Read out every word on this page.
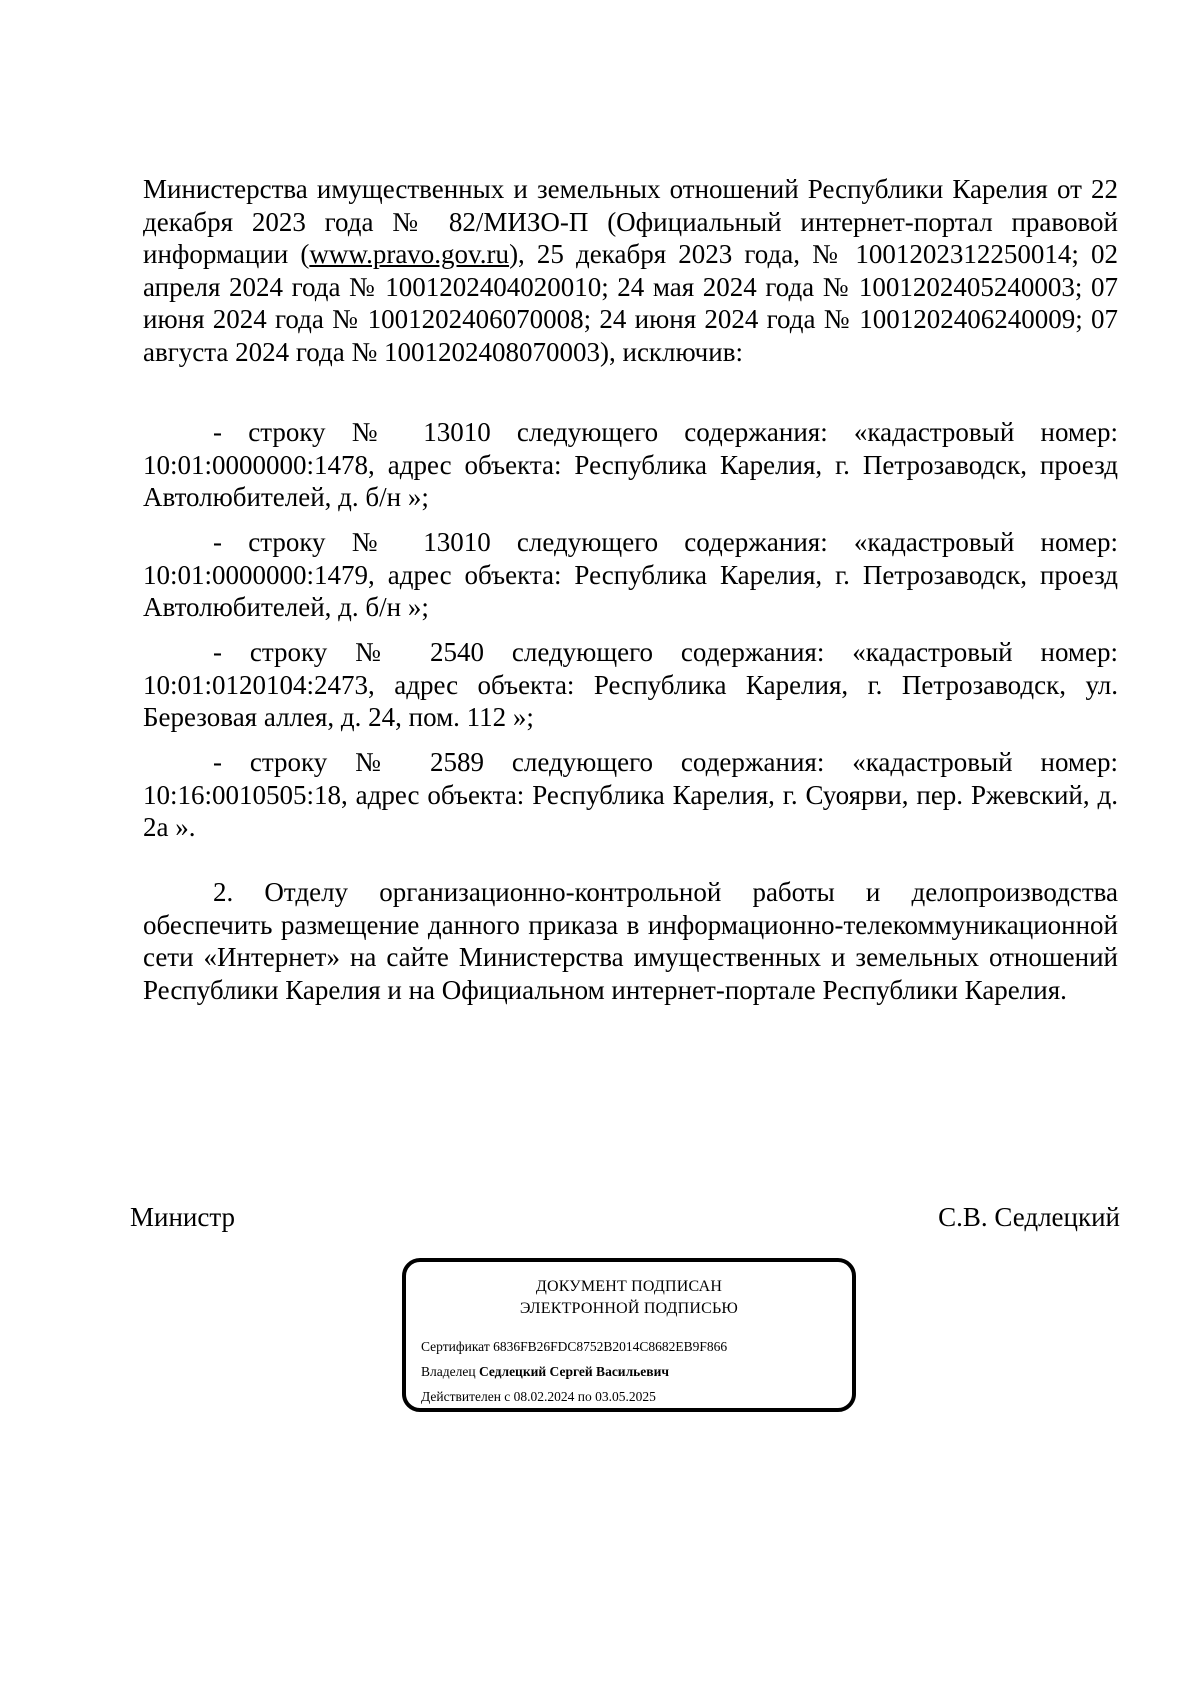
Министерства имущественных и земельных отношений Республики Карелия от 22 декабря 2023 года № 82/МИЗО-П (Официальный интернет-портал правовой информации (www.pravo.gov.ru), 25 декабря 2023 года, № 1001202312250014; 02 апреля 2024 года № 1001202404020010; 24 мая 2024 года № 1001202405240003; 07 июня 2024 года № 1001202406070008; 24 июня 2024 года № 1001202406240009; 07 августа 2024 года № 1001202408070003), исключив:
- строку № 13010 следующего содержания: «кадастровый номер: 10:01:0000000:1478, адрес объекта: Республика Карелия, г. Петрозаводск, проезд Автолюбителей, д. б/н »;
- строку № 13010 следующего содержания: «кадастровый номер: 10:01:0000000:1479, адрес объекта: Республика Карелия, г. Петрозаводск, проезд Автолюбителей, д. б/н »;
- строку № 2540 следующего содержания: «кадастровый номер: 10:01:0120104:2473, адрес объекта: Республика Карелия, г. Петрозаводск, ул. Березовая аллея, д. 24, пом. 112 »;
- строку № 2589 следующего содержания: «кадастровый номер: 10:16:0010505:18, адрес объекта: Республика Карелия, г. Суоярви, пер. Ржевский, д. 2а ».
2. Отделу организационно-контрольной работы и делопроизводства обеспечить размещение данного приказа в информационно-телекоммуникационной сети «Интернет» на сайте Министерства имущественных и земельных отношений Республики Карелия и на Официальном интернет-портале Республики Карелия.
Министр	С.В. Седлецкий
ДОКУМЕНТ ПОДПИСАН
ЭЛЕКТРОННОЙ ПОДПИСЬЮ
Сертификат 6836FB26FDC8752B2014C8682EB9F866
Владелец Седлецкий Сергей Васильевич
Действителен с 08.02.2024 по 03.05.2025
